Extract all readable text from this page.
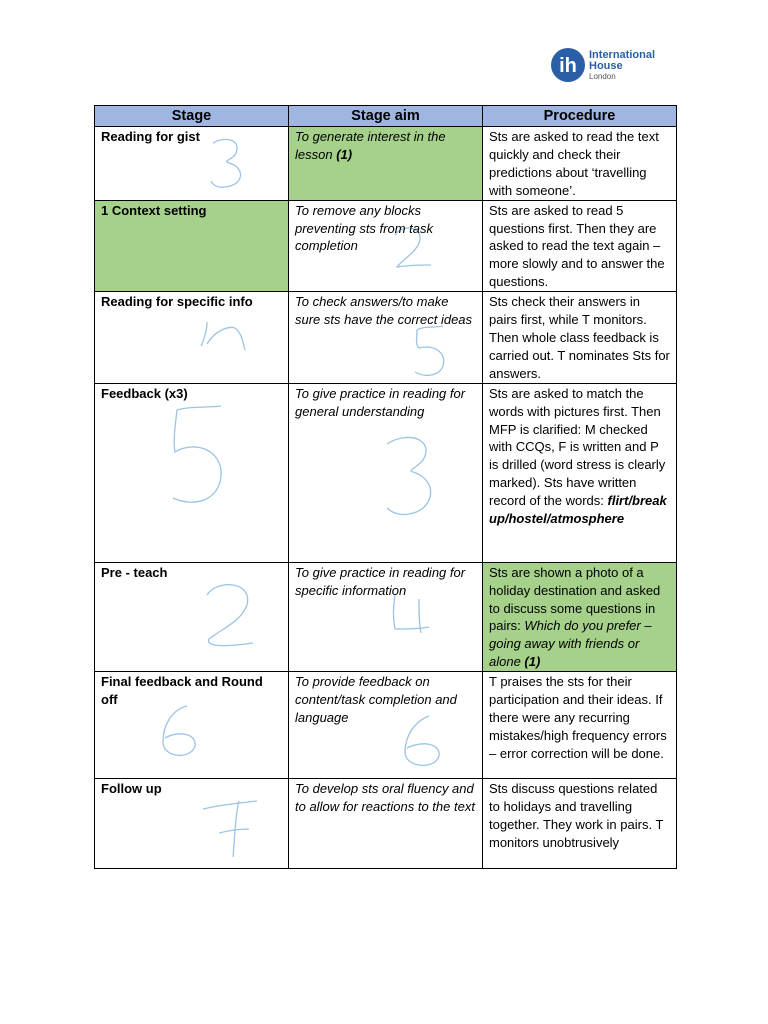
ih
International
House
London
Stage	Stage aim	Procedure
Reading for gist	To generate interest in the lesson (1)	Sts are asked to read the text quickly and check their predictions about ‘travelling with someone’.
1 Context setting	To remove any blocks preventing sts from task completion	Sts are asked to read 5 questions first. Then they are asked to read the text again – more slowly and to answer the questions.
Reading for specific info	To check answers/to make sure sts have the correct ideas	Sts check their answers in pairs first, while T monitors. Then whole class feedback is carried out. T nominates Sts for answers.
Feedback (x3)	To give practice in reading for general understanding	Sts are asked to match the words with pictures first. Then MFP is clarified: M checked with CCQs, F is written and P is drilled (word stress is clearly marked). Sts have written record of the words: flirt/break up/hostel/atmosphere
Pre - teach	To give practice in reading for specific information	Sts are shown a photo of a holiday destination and asked to discuss some questions in pairs: Which do you prefer – going away with friends or alone (1)
Final feedback and Round off	To provide feedback on content/task completion and language	T praises the sts for their participation and their ideas. If there were any recurring mistakes/high frequency errors – error correction will be done.
Follow up	To develop sts oral fluency and to allow for reactions to the text	Sts discuss questions related to holidays and travelling together. They work in pairs. T monitors unobtrusively
